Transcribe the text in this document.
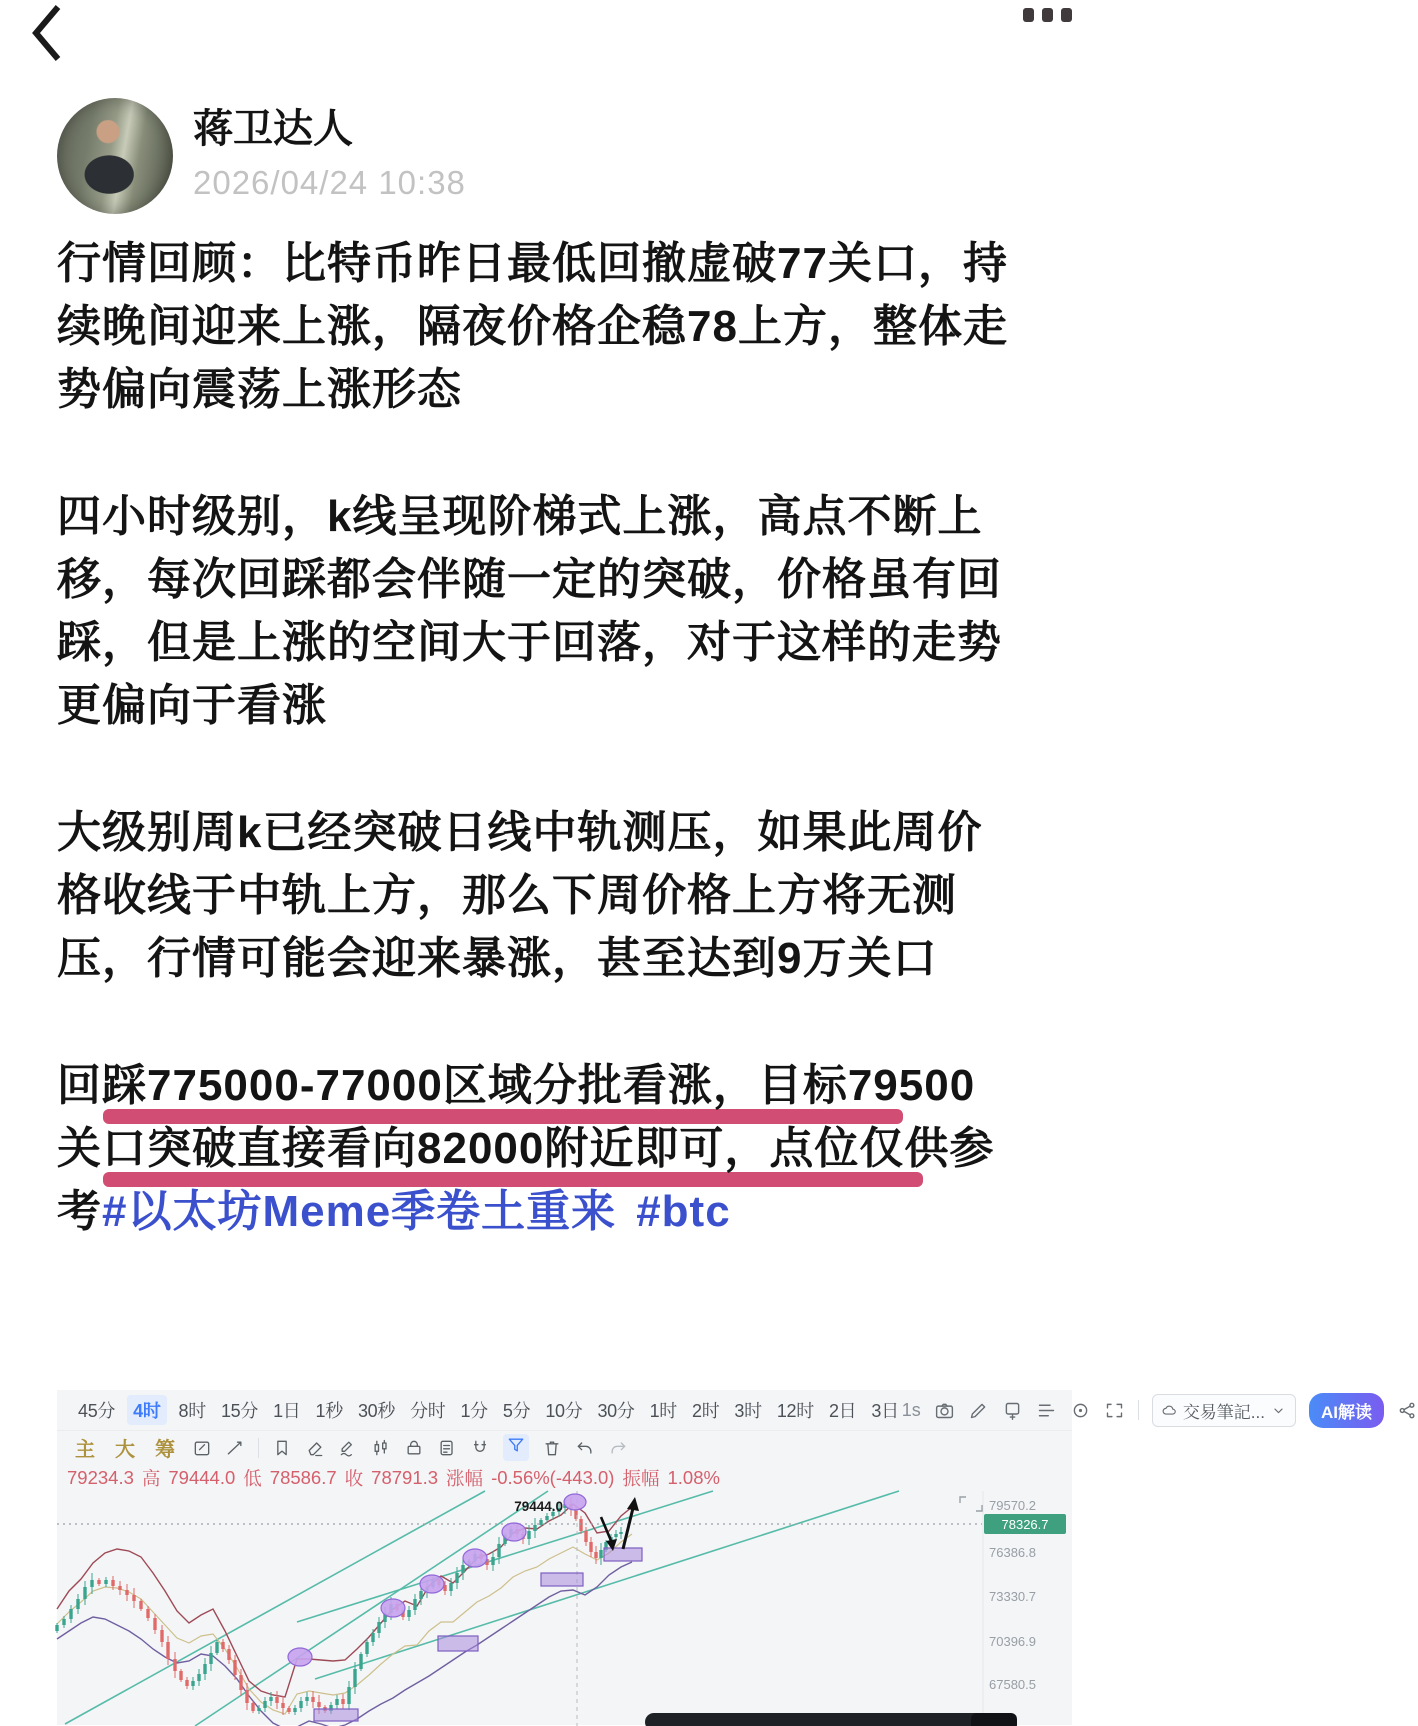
蒋卫达人
2026/04/24 10:38

行情回顾：比特币昨日最低回撤虚破77关口，持续晚间迎来上涨，隔夜价格企稳78上方，整体走势偏向震荡上涨形态

四小时级别，k线呈现阶梯式上涨，高点不断上移，每次回踩都会伴随一定的突破，价格虽有回踩，但是上涨的空间大于回落，对于这样的走势更偏向于看涨

大级别周k已经突破日线中轨测压，如果此周价格收线于中轨上方，那么下周价格上方将无测压，行情可能会迎来暴涨，甚至达到9万关口

回踩775000-77000区域分批看涨，目标79500
关口突破直接看向82000附近即可，点位仅供参
考#以太坊Meme季卷土重来 #btc

45分	4时	8时 15分 1日 1秒 30秒 分时 1分 5分 10分 30分 1时 2时 3时 12时 2日 3日 1s	交易筆記...	AI解读
主 大 筹
79234.3 高 79444.0 低 78586.7 收 78791.3 涨幅 -0.56%(-443.0) 振幅 1.08%
79444.0
78326.7
79570.2
76386.8
73330.7
70396.9
67580.5
